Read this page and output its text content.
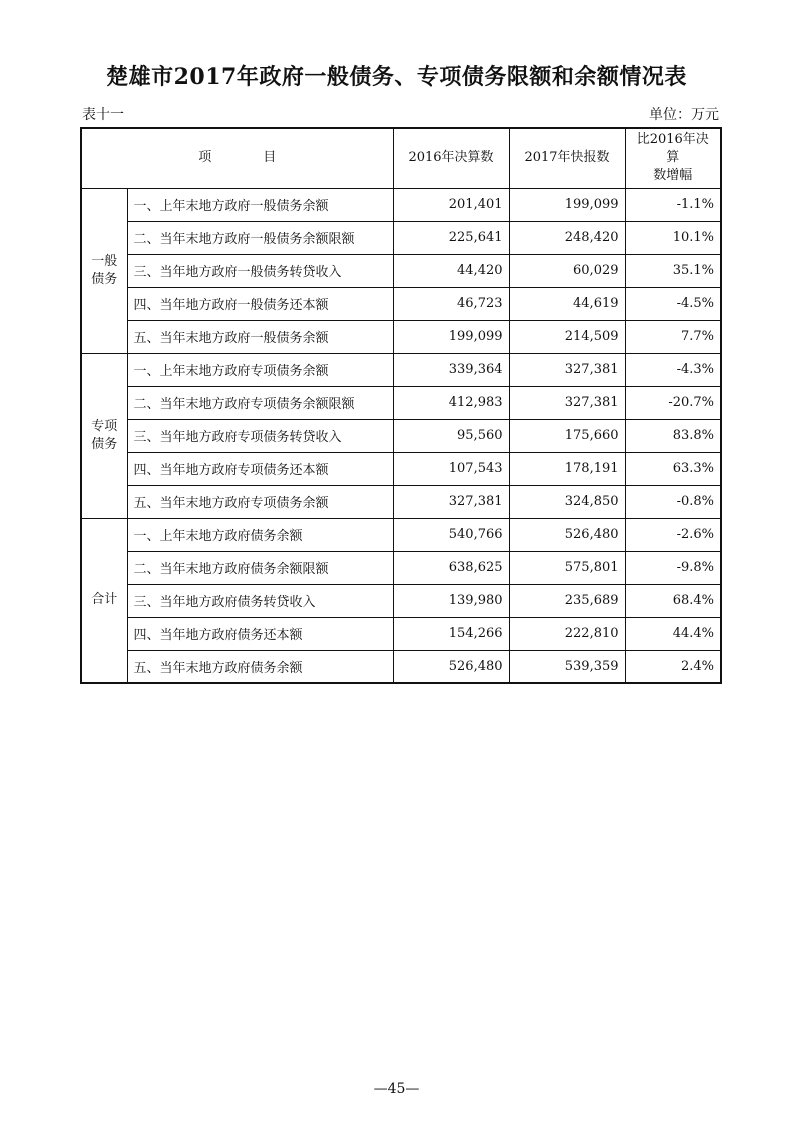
楚雄市2017年政府一般债务、专项债务限额和余额情况表
表十一	单位：万元
项　　　　目		2016年决算数	2017年快报数	比2016年决算
数增幅
一般
债务	一、上年末地方政府一般债务余额	201,401	199,099	-1.1%
	二、当年末地方政府一般债务余额限额	225,641	248,420	10.1%
	三、当年地方政府一般债务转贷收入	44,420	60,029	35.1%
	四、当年地方政府一般债务还本额	46,723	44,619	-4.5%
	五、当年末地方政府一般债务余额	199,099	214,509	7.7%
专项
债务	一、上年末地方政府专项债务余额	339,364	327,381	-4.3%
	二、当年末地方政府专项债务余额限额	412,983	327,381	-20.7%
	三、当年地方政府专项债务转贷收入	95,560	175,660	83.8%
	四、当年地方政府专项债务还本额	107,543	178,191	63.3%
	五、当年末地方政府专项债务余额	327,381	324,850	-0.8%
合计	一、上年末地方政府债务余额	540,766	526,480	-2.6%
	二、当年末地方政府债务余额限额	638,625	575,801	-9.8%
	三、当年地方政府债务转贷收入	139,980	235,689	68.4%
	四、当年地方政府债务还本额	154,266	222,810	44.4%
	五、当年末地方政府债务余额	526,480	539,359	2.4%
—45—
